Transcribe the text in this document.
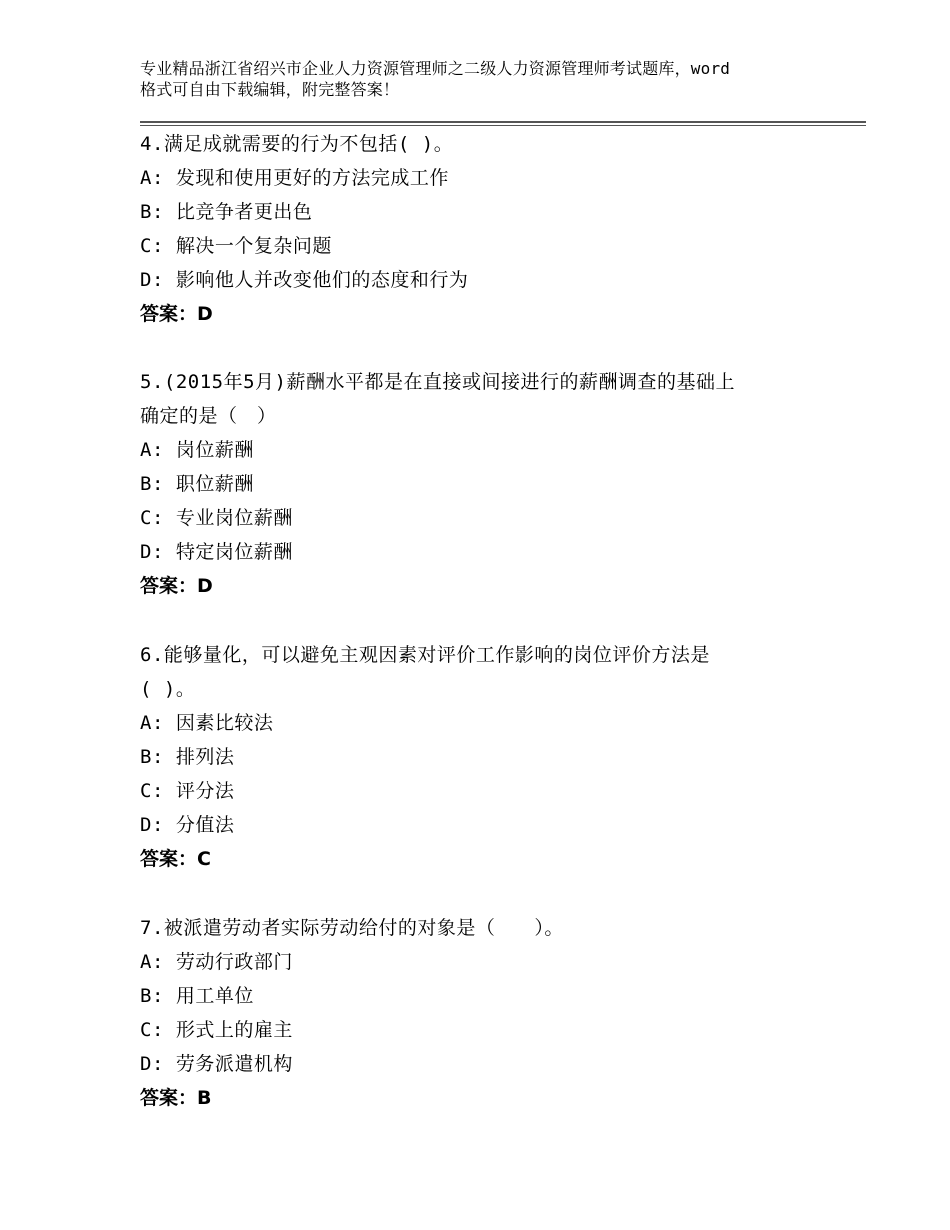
专业精品浙江省绍兴市企业人力资源管理师之二级人力资源管理师考试题库，word
格式可自由下载编辑，附完整答案！
4.满足成就需要的行为不包括( )。
A: 发现和使用更好的方法完成工作
B: 比竞争者更出色
C: 解决一个复杂问题
D: 影响他人并改变他们的态度和行为
答案：D
5.(2015年5月)薪酬水平都是在直接或间接进行的薪酬调查的基础上
确定的是（　）
A: 岗位薪酬
B: 职位薪酬
C: 专业岗位薪酬
D: 特定岗位薪酬
答案：D
6.能够量化，可以避免主观因素对评价工作影响的岗位评价方法是
( )。
A: 因素比较法
B: 排列法
C: 评分法
D: 分值法
答案：C
7.被派遣劳动者实际劳动给付的对象是（　　）。
A: 劳动行政部门
B: 用工单位
C: 形式上的雇主
D: 劳务派遣机构
答案：B
